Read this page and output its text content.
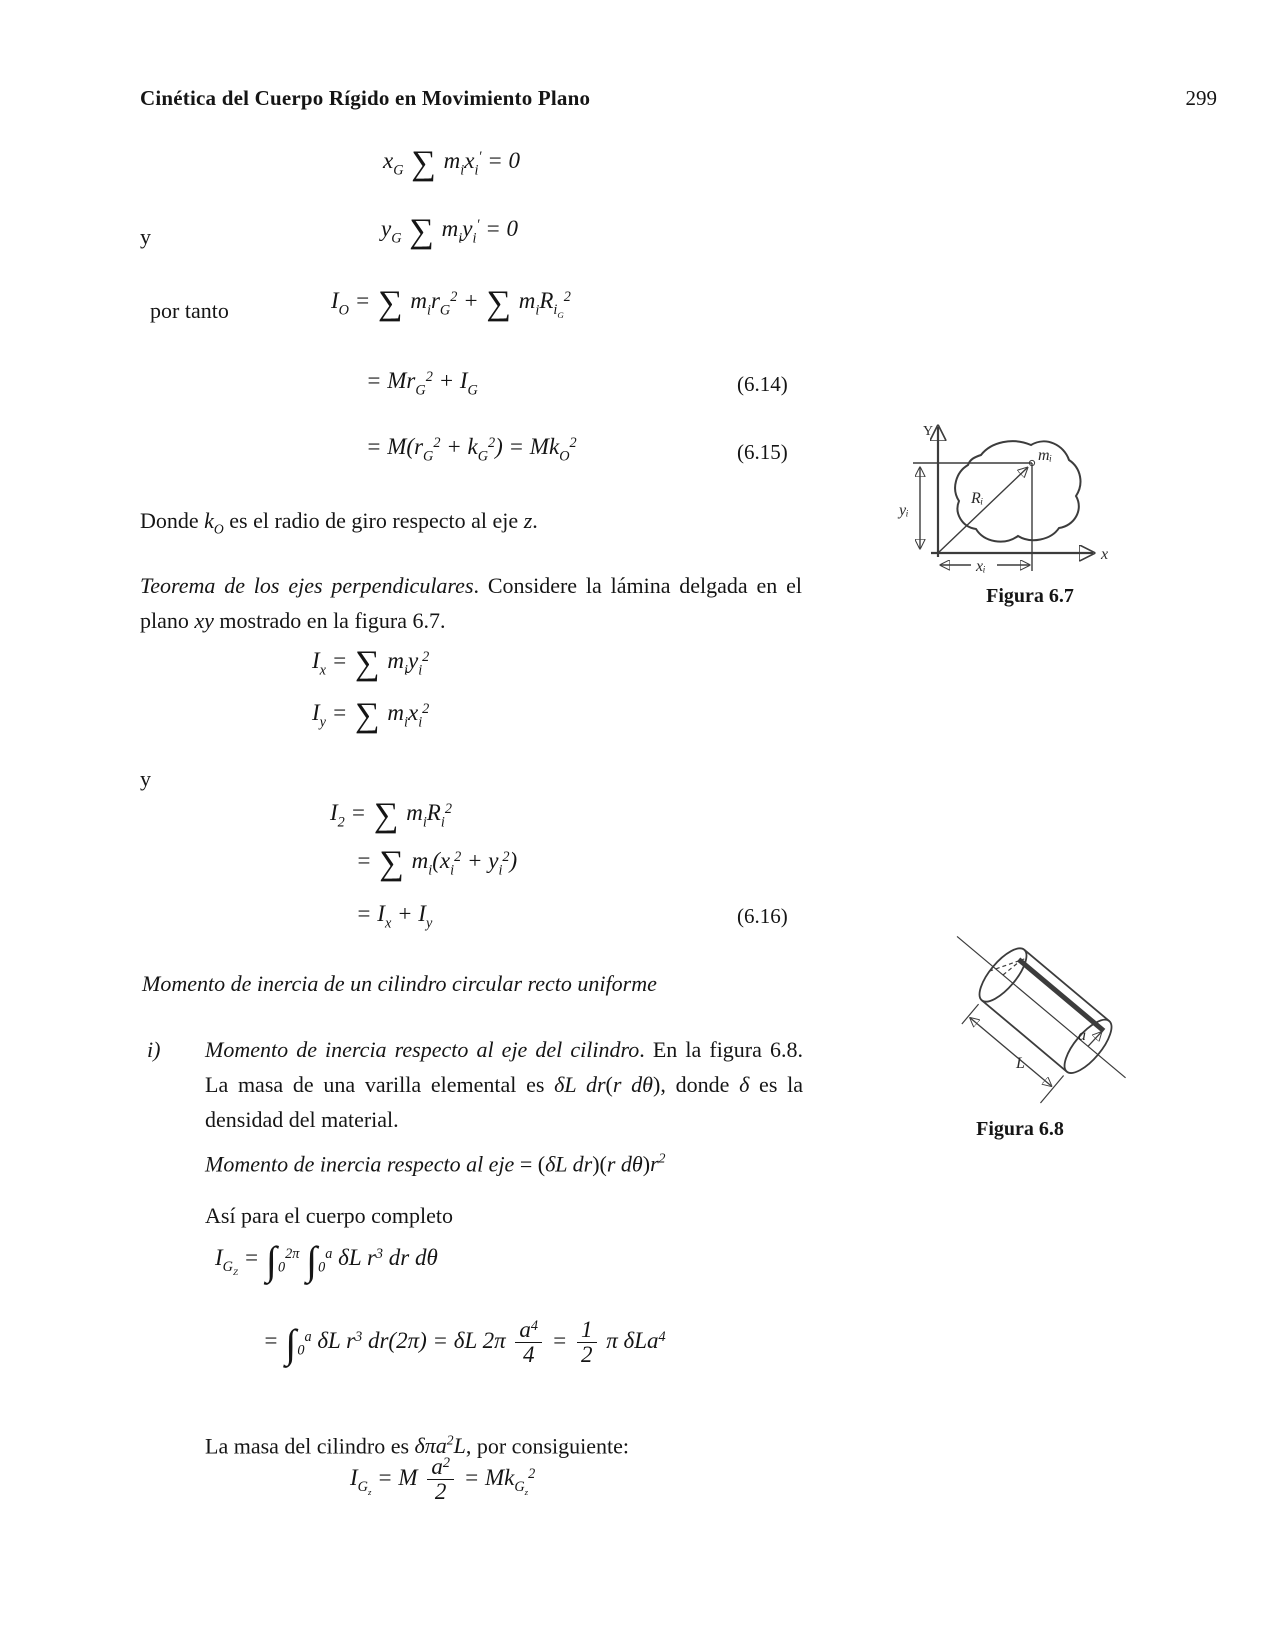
Cinética del Cuerpo Rígido en Movimiento Plano	299
$x_G$ ∑ $m_ix_i' = 0$
y	$y_G$ ∑ $m_iy_i' = 0$
por tanto	$I_O$ = ∑ $m_ir_G^2$ + ∑ $m_iR_{i_G}^2$
= $Mr_G^2 + I_G$	(6.14)
= $M(r_G^2 + k_G^2) = Mk_O^2$	(6.15)
Donde $k_O$ es el radio de giro respecto al eje z.
Teorema de los ejes perpendiculares. Considere la lámina delgada en el plano xy mostrado en la figura 6.7.
$I_x$ = ∑ $m_iy_i^2$
$I_y$ = ∑ $m_ix_i^2$
y
$I_2$ = ∑ $m_iR_i^2$
= ∑ $m_i(x_i^2 + y_i^2)$
= $I_x + I_y$	(6.16)
Momento de inercia de un cilindro circular recto uniforme
i) Momento de inercia respecto al eje del cilindro. En la figura 6.8. La masa de una varilla elemental es δL dr(r dθ), donde δ es la densidad del material.
Momento de inercia respecto al eje = (δL dr)(r $d\theta)r^2$
Así para el cuerpo completo
$I_{G_Z} = \int_0^{2\pi}$ $\int_0^a$ δL $r^3$ dr dθ
= $\int_0^a$ δL $r^3$ dr(2π) = δL $2\pi \frac{a^4}{4} = \frac{1}{2}$ π δLa$^4$
La masa del cilindro es δπa$^2$L, por consiguiente:
$I_{G_z} = M \frac{a^2}{2} = Mk_{G_z}^2$
Y
x
mᵢ
Rᵢ
yᵢ
xᵢ
Figura 6.7
a
L
Figura 6.8
